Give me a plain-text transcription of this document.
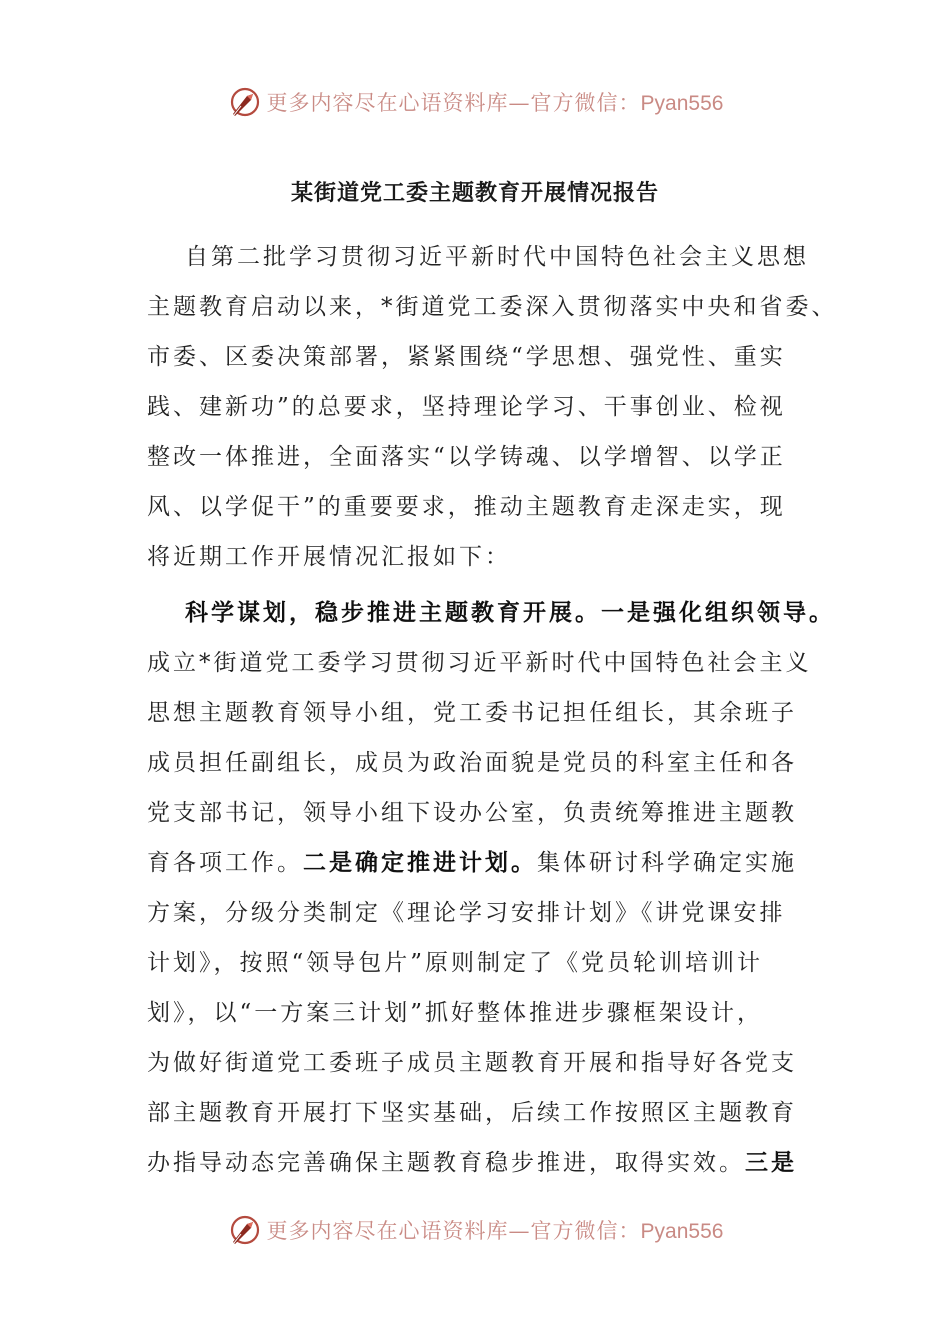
更多内容尽在心语资料库—官方微信：Pyan556
某街道党工委主题教育开展情况报告
自第二批学习贯彻习近平新时代中国特色社会主义思想
主题教育启动以来，*街道党工委深入贯彻落实中央和省委、
市委、区委决策部署，紧紧围绕“学思想、强党性、重实
践、建新功”的总要求，坚持理论学习、干事创业、检视
整改一体推进，全面落实“以学铸魂、以学增智、以学正
风、以学促干”的重要要求，推动主题教育走深走实，现
将近期工作开展情况汇报如下：
科学谋划，稳步推进主题教育开展。一是强化组织领导。
成立*街道党工委学习贯彻习近平新时代中国特色社会主义
思想主题教育领导小组，党工委书记担任组长，其余班子
成员担任副组长，成员为政治面貌是党员的科室主任和各
党支部书记，领导小组下设办公室，负责统筹推进主题教
育各项工作。二是确定推进计划。集体研讨科学确定实施
方案，分级分类制定《理论学习安排计划》《讲党课安排
计划》，按照“领导包片”原则制定了《党员轮训培训计
划》，以“一方案三计划”抓好整体推进步骤框架设计，
为做好街道党工委班子成员主题教育开展和指导好各党支
部主题教育开展打下坚实基础，后续工作按照区主题教育
办指导动态完善确保主题教育稳步推进，取得实效。三是
更多内容尽在心语资料库—官方微信：Pyan556
